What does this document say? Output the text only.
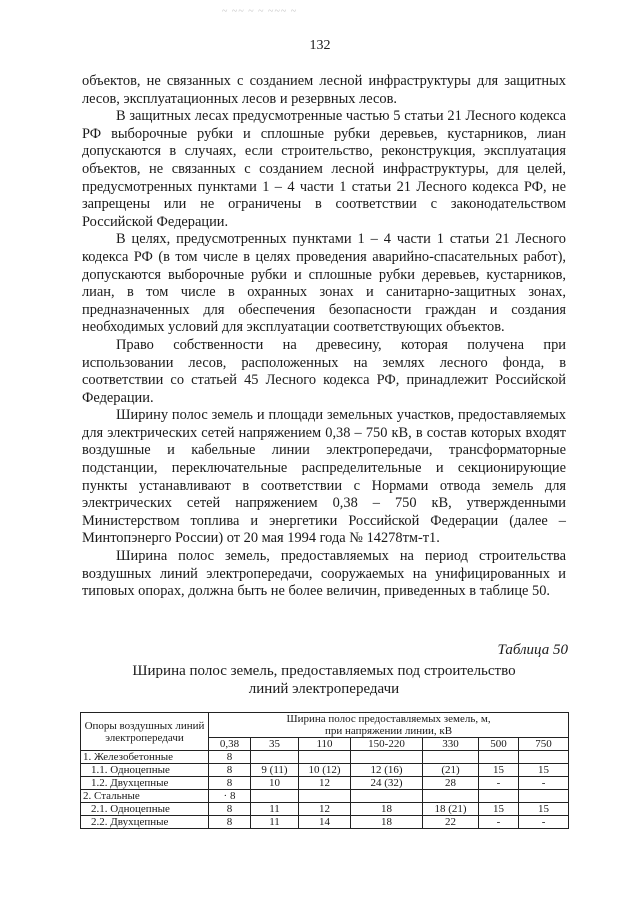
~ ~~ ~ ~ ~~~ ~
132

объектов, не связанных с созданием лесной инфраструктуры для защитных лесов, эксплуатационных лесов и резервных лесов.

В защитных лесах предусмотренные частью 5 статьи 21 Лесного кодекса РФ выборочные рубки и сплошные рубки деревьев, кустарников, лиан допускаются в случаях, если строительство, реконструкция, эксплуатация объектов, не связанных с созданием лесной инфраструктуры, для целей, предусмотренных пунктами 1 – 4 части 1 статьи 21 Лесного кодекса РФ, не запрещены или не ограничены в соответствии с законодательством Российской Федерации.

В целях, предусмотренных пунктами 1 – 4 части 1 статьи 21 Лесного кодекса РФ (в том числе в целях проведения аварийно-спасательных работ), допускаются выборочные рубки и сплошные рубки деревьев, кустарников, лиан, в том числе в охранных зонах и санитарно-защитных зонах, предназначенных для обеспечения безопасности граждан и создания необходимых условий для эксплуатации соответствующих объектов.

Право собственности на древесину, которая получена при использовании лесов, расположенных на землях лесного фонда, в соответствии со статьей 45 Лесного кодекса РФ, принадлежит Российской Федерации.

Ширину полос земель и площади земельных участков, предоставляемых для электрических сетей напряжением 0,38 – 750 кВ, в состав которых входят воздушные и кабельные линии электропередачи, трансформаторные подстанции, переключательные распределительные и секционирующие пункты устанавливают в соответствии с Нормами отвода земель для электрических сетей напряжением 0,38 – 750 кВ, утвержденными Министерством топлива и энергетики Российской Федерации (далее – Минтопэнерго России) от 20 мая 1994 года № 14278тм-т1.

Ширина полос земель, предоставляемых на период строительства воздушных линий электропередачи, сооружаемых на унифицированных и типовых опорах, должна быть не более величин, приведенных в таблице 50.

Таблица 50
Ширина полос земель, предоставляемых под строительство
линий электропередачи
Опоры воздушных линий электропередачи	Ширина полос предоставляемых земель, м,
при напряжении линии, кВ						

	0,38	35	110	150-220	330	500	750
1. Железобетонные	8						
1.1. Одноцепные	8	9 (11)	10 (12)	12 (16)	(21)	15	15
1.2. Двухцепные	8	10	12	24 (32)	28	-	-
2. Стальные	· 8						
2.1. Одноцепные	8	11	12	18	18 (21)	15	15
2.2. Двухцепные	8	11	14	18	22	-	-
